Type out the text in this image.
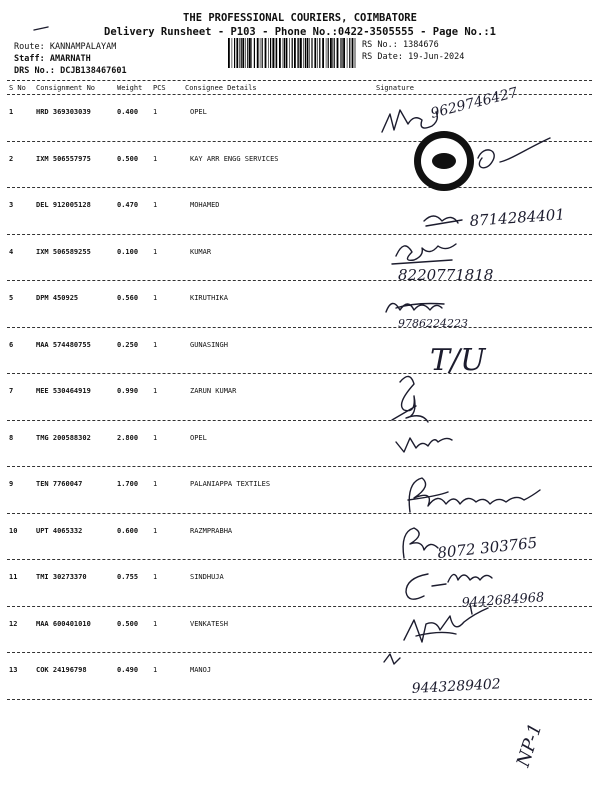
THE PROFESSIONAL COURIERS, COIMBATORE
Delivery Runsheet - P103 - Phone No.:0422-3505555 - Page No.:1
Route: KANNAMPALAYAM
Staff: AMARNATH
DRS No.: DCJB138467601
RS No.: 1384676
RS Date: 19-Jun-2024
S No Consignment No	Weight PCS	Consignee Details	Signature
1	HRD 369303039	0.400 1	OPEL
2	IXM 506557975	0.500 1	KAY ARR ENGG SERVICES
3	DEL 912005128	0.470 1	MOHAMED
4	IXM 506589255	0.100 1	KUMAR
5	DPM 450925	0.560 1	KIRUTHIKA
6	MAA 574480755	0.250 1	GUNASINGH
7	MEE 530464919	0.990 1	ZARUN KUMAR
8	TMG 200588302	2.800 1	OPEL
9	TEN 7760047	1.700 1	PALANIAPPA TEXTILES
10	UPT 4065332	0.600 1	RAZMPRABHA
11	TMI 30273370	0.755 1	SINDHUJA
12	MAA 600401010	0.500 1	VENKATESH
13	COK 24196798	0.490 1	MANOJ
9629746427
8714284401
8220771818
9786224223
T/U
8072 303765
9442684968
9443289402
NP-1
